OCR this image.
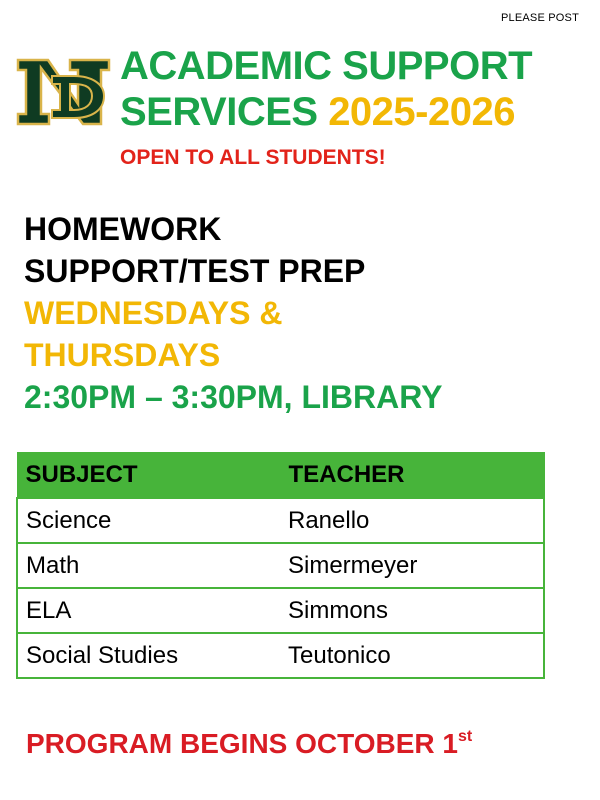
PLEASE POST
ACADEMIC SUPPORT
SERVICES 2025-2026
OPEN TO ALL STUDENTS!
HOMEWORK
SUPPORT/TEST PREP
WEDNESDAYS &
THURSDAYS
2:30PM – 3:30PM, LIBRARY
SUBJECT	TEACHER
Science	Ranello
Math	Simermeyer
ELA	Simmons
Social Studies	Teutonico
PROGRAM BEGINS OCTOBER 1st
